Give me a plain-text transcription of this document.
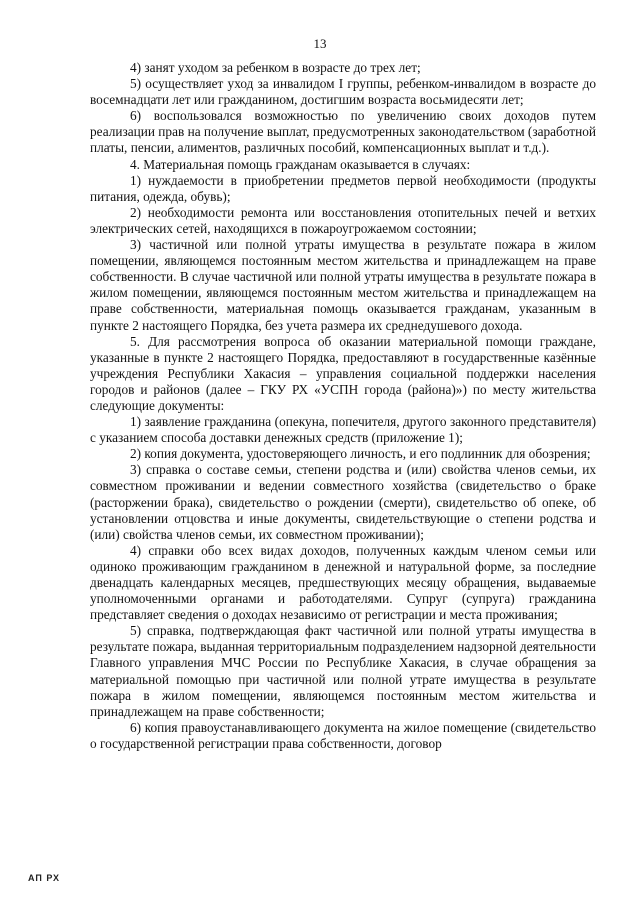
13

4) занят уходом за ребенком в возрасте до трех лет;

5) осуществляет уход за инвалидом I группы, ребенком-инвалидом в возрасте до восемнадцати лет или гражданином, достигшим возраста восьмидесяти лет;

6) воспользовался возможностью по увеличению своих доходов путем реализации прав на получение выплат, предусмотренных законодательством (заработной платы, пенсии, алиментов, различных пособий, компенсационных выплат и т.д.).

4. Материальная помощь гражданам оказывается в случаях:

1) нуждаемости в приобретении предметов первой необходимости (продукты питания, одежда, обувь);

2) необходимости ремонта или восстановления отопительных печей и ветхих электрических сетей, находящихся в пожароугрожаемом состоянии;

3) частичной или полной утраты имущества в результате пожара в жилом помещении, являющемся постоянным местом жительства и принадлежащем на праве собственности. В случае частичной или полной утраты имущества в результате пожара в жилом помещении, являющемся постоянным местом жительства и принадлежащем на праве собственности, материальная помощь оказывается гражданам, указанным в пункте 2 настоящего Порядка, без учета размера их среднедушевого дохода.

5. Для рассмотрения вопроса об оказании материальной помощи граждане, указанные в пункте 2 настоящего Порядка, предоставляют в государственные казённые учреждения Республики Хакасия – управления социальной поддержки населения городов и районов (далее – ГКУ РХ «УСПН города (района)») по месту жительства следующие документы:

1) заявление гражданина (опекуна, попечителя, другого законного представителя) с указанием способа доставки денежных средств (приложение 1);

2) копия документа, удостоверяющего личность, и его подлинник для обозрения;

3) справка о составе семьи, степени родства и (или) свойства членов семьи, их совместном проживании и ведении совместного хозяйства (свидетельство о браке (расторжении брака), свидетельство о рождении (смерти), свидетельство об опеке, об установлении отцовства и иные документы, свидетельствующие о степени родства и (или) свойства членов семьи, их совместном проживании);

4) справки обо всех видах доходов, полученных каждым членом семьи или одиноко проживающим гражданином в денежной и натуральной форме, за последние двенадцать календарных месяцев, предшествующих месяцу обращения, выдаваемые уполномоченными органами и работодателями. Супруг (супруга) гражданина представляет сведения о доходах независимо от регистрации и места проживания;

5) справка, подтверждающая факт частичной или полной утраты имущества в результате пожара, выданная территориальным подразделением надзорной деятельности Главного управления МЧС России по Республике Хакасия, в случае обращения за материальной помощью при частичной или полной утрате имущества в результате пожара в жилом помещении, являющемся постоянным местом жительства и принадлежащем на праве собственности;

6) копия правоустанавливающего документа на жилое помещение (свидетельство о государственной регистрации права собственности, договор

АП РХ
